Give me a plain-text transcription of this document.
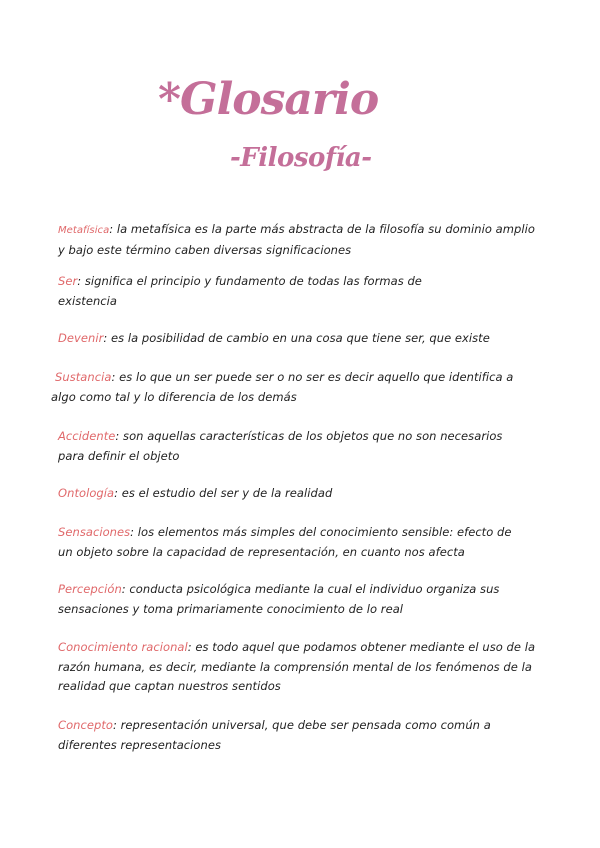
*Glosario
-Filosofía-
Metafísica: la metafísica es la parte más abstracta de la filosofía su dominio amplio y bajo este término caben diversas significaciones
Ser: significa el principio y fundamento de todas las formas de existencia
Devenir: es la posibilidad de cambio en una cosa que tiene ser, que existe
Sustancia: es lo que un ser puede ser o no ser es decir aquello que identifica a algo como tal y lo diferencia de los demás
Accidente: son aquellas características de los objetos que no son necesarios para definir el objeto
Ontología: es el estudio del ser y de la realidad
Sensaciones: los elementos más simples del conocimiento sensible: efecto de un objeto sobre la capacidad de representación, en cuanto nos afecta
Percepción: conducta psicológica mediante la cual el individuo organiza sus sensaciones y toma primariamente conocimiento de lo real
Conocimiento racional: es todo aquel que podamos obtener mediante el uso de la razón humana, es decir, mediante la comprensión mental de los fenómenos de la realidad que captan nuestros sentidos
Concepto: representación universal, que debe ser pensada como común a diferentes representaciones
